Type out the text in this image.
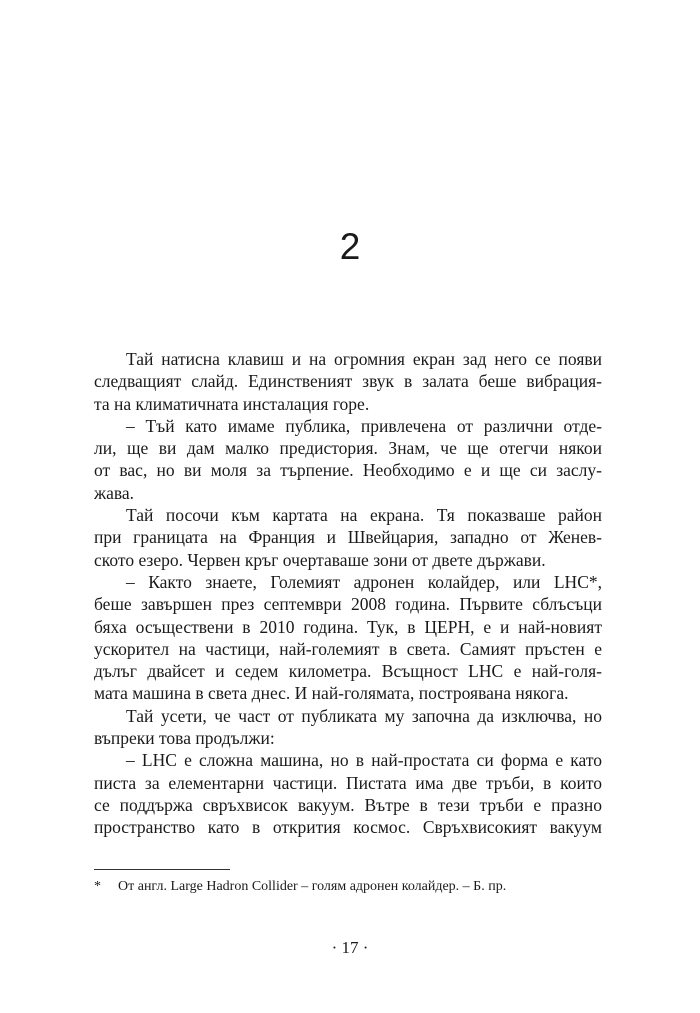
2
Тай натисна клавиш и на огромния екран зад него се появи
следващият слайд. Единственият звук в залата беше вибрация-
та на климатичната инсталация горе.
– Тъй като имаме публика, привлечена от различни отде-
ли, ще ви дам малко предистория. Знам, че ще отегчи някои
от вас, но ви моля за търпение. Необходимо е и ще си заслу-
жава.
Тай посочи към картата на екрана. Тя показваше район
при границата на Франция и Швейцария, западно от Женев-
ското езеро. Червен кръг очертаваше зони от двете държави.
– Както знаете, Големият адронен колайдер, или LHC*,
беше завършен през септември 2008 година. Първите сблъсъци
бяха осъществени в 2010 година. Тук, в ЦЕРН, е и най-новият
ускорител на частици, най-големият в света. Самият пръстен е
дълъг двайсет и седем километра. Всъщност LHC е най-голя-
мата машина в света днес. И най-голямата, построявана някога.
Тай усети, че част от публиката му започна да изключва, но
въпреки това продължи:
– LHC е сложна машина, но в най-простата си форма е като
писта за елементарни частици. Пистата има две тръби, в които
се поддържа свръхвисок вакуум. Вътре в тези тръби е празно
пространство като в открития космос. Свръхвисокият вакуум
* От англ. Large Hadron Collider – голям адронен колайдер. – Б. пр.
· 17 ·
